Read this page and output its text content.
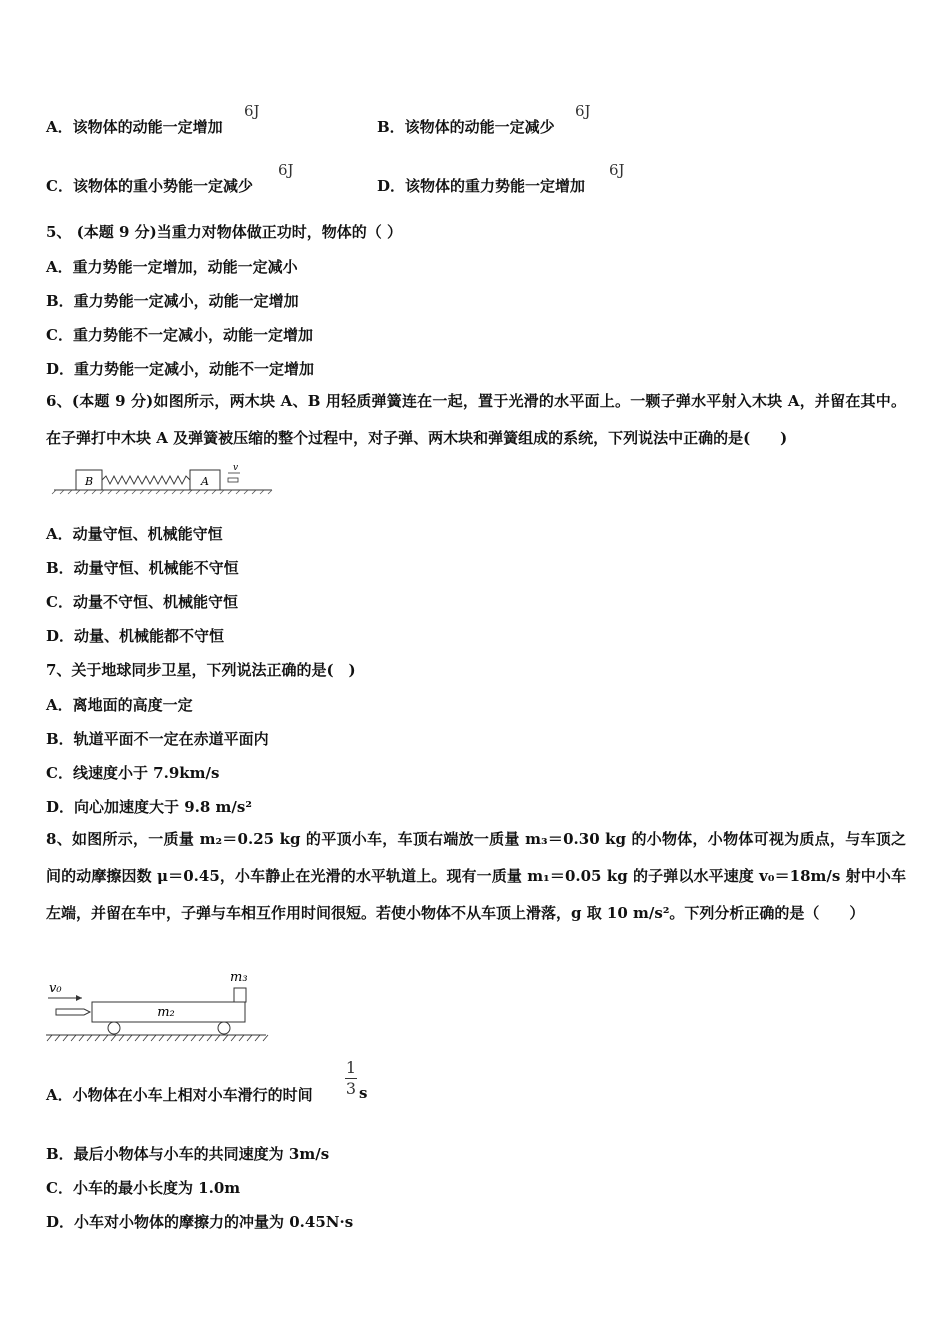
A．该物体的动能一定增加
6J
B．该物体的动能一定减少
6J
C．该物体的重小势能一定减少
6J
D．该物体的重力势能一定增加
6J
5、 (本题 9 分)当重力对物体做正功时，物体的（ ）
A．重力势能一定增加，动能一定减小
B．重力势能一定减小，动能一定增加
C．重力势能不一定减小，动能一定增加
D．重力势能一定减小，动能不一定增加
6、(本题 9 分)如图所示，两木块 A、B 用轻质弹簧连在一起，置于光滑的水平面上。一颗子弹水平射入木块 A，并留在其中。在子弹打中木块 A 及弹簧被压缩的整个过程中，对子弹、两木块和弹簧组成的系统，下列说法中正确的是(　　)
B	A
v
A．动量守恒、机械能守恒
B．动量守恒、机械能不守恒
C．动量不守恒、机械能守恒
D．动量、机械能都不守恒
7、关于地球同步卫星，下列说法正确的是(　)
A．离地面的高度一定
B．轨道平面不一定在赤道平面内
C．线速度小于 7.9km/s
D．向心加速度大于 9.8 m/s²
8、如图所示，一质量 m₂＝0.25 kg 的平顶小车，车顶右端放一质量 m₃＝0.30 kg 的小物体，小物体可视为质点，与车顶之间的动摩擦因数 μ＝0.45，小车静止在光滑的水平轨道上。现有一质量 m₁＝0.05 kg 的子弹以水平速度 v₀＝18m/s 射中小车左端，并留在车中，子弹与车相互作用时间很短。若使小物体不从车顶上滑落，g 取 10 m/s²。下列分析正确的是（　　）
v₀
m₂
m₃
A．小物体在小车上相对小车滑行的时间 $\frac{1}{3}$ s
B．最后小物体与小车的共同速度为 3m/s
C．小车的最小长度为 1.0m
D．小车对小物体的摩擦力的冲量为 0.45N·s
